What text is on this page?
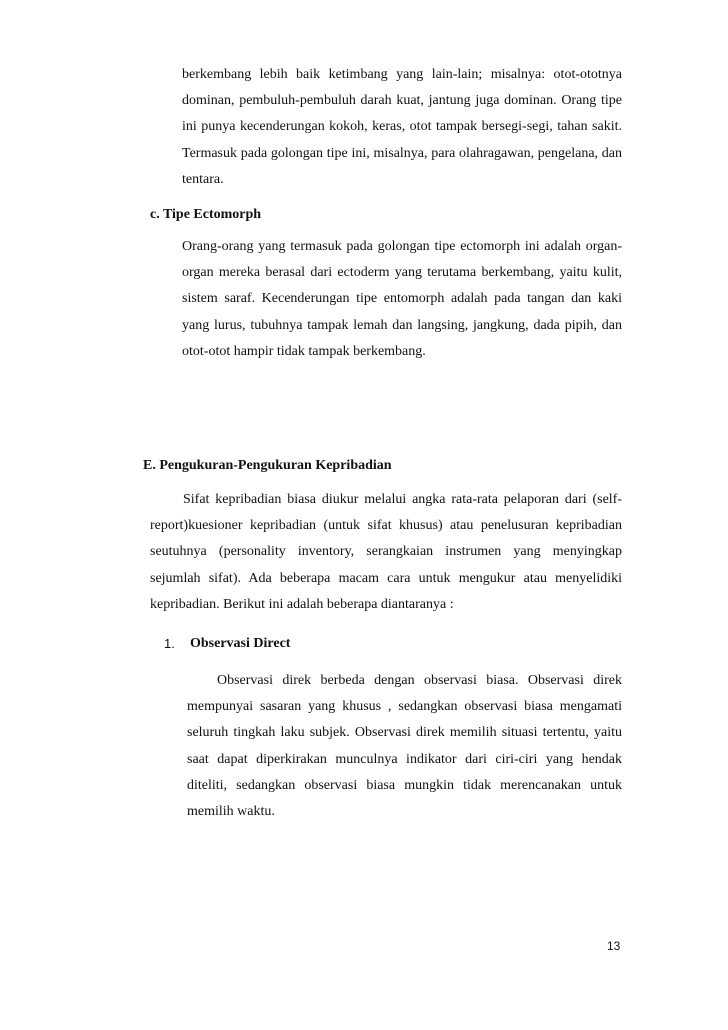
berkembang lebih baik ketimbang yang lain-lain; misalnya: otot-ototnya dominan, pembuluh-pembuluh darah kuat, jantung juga dominan. Orang tipe ini punya kecenderungan kokoh, keras, otot tampak bersegi-segi, tahan sakit. Termasuk pada golongan tipe ini, misalnya, para olahragawan, pengelana, dan tentara.

c. Tipe Ectomorph

Orang-orang yang termasuk pada golongan tipe ectomorph ini adalah organ-organ mereka berasal dari ectoderm yang terutama berkembang, yaitu kulit, sistem saraf. Kecenderungan tipe entomorph adalah pada tangan dan kaki yang lurus, tubuhnya tampak lemah dan langsing, jangkung, dada pipih, dan otot-otot hampir tidak tampak berkembang.

E. Pengukuran-Pengukuran Kepribadian

Sifat kepribadian biasa diukur melalui angka rata-rata pelaporan dari (self-report)kuesioner kepribadian (untuk sifat khusus) atau penelusuran kepribadian seutuhnya (personality inventory, serangkaian instrumen yang menyingkap sejumlah sifat). Ada beberapa macam cara untuk mengukur atau menyelidiki kepribadian. Berikut ini adalah beberapa diantaranya :

1. Observasi Direct

Observasi direk berbeda dengan observasi biasa. Observasi direk mempunyai sasaran yang khusus , sedangkan observasi biasa mengamati seluruh tingkah laku subjek. Observasi direk memilih situasi tertentu, yaitu saat dapat diperkirakan munculnya indikator dari ciri-ciri yang hendak diteliti, sedangkan observasi biasa mungkin tidak merencanakan untuk memilih waktu.

13
